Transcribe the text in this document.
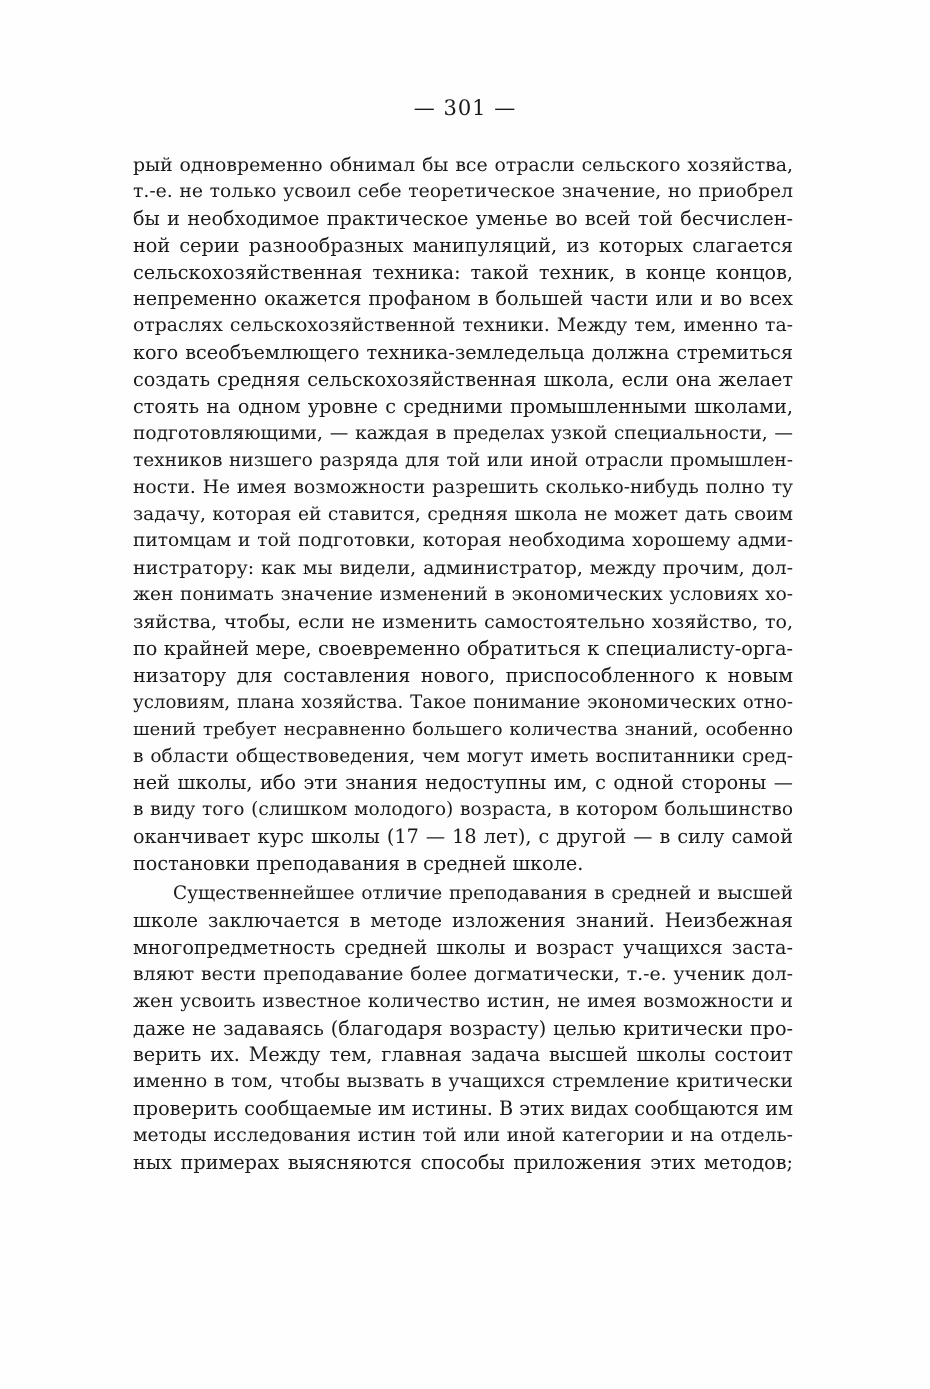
— 301 —
рый одновременно обнимал бы все отрасли сельского хозяйства,
т.-е. не только усвоил себе теоретическое значение, но приобрел
бы и необходимое практическое уменье во всей той бесчислен-
ной серии разнообразных манипуляций, из которых слагается
сельскохозяйственная техника: такой техник, в конце концов,
непременно окажется профаном в большей части или и во всех
отраслях сельскохозяйственной техники. Между тем, именно та-
кого всеобъемлющего техника-земледельца должна стремиться
создать средняя сельскохозяйственная школа, если она желает
стоять на одном уровне с средними промышленными школами,
подготовляющими, — каждая в пределах узкой специальности, —
техников низшего разряда для той или иной отрасли промышлен-
ности. Не имея возможности разрешить сколько-нибудь полно ту
задачу, которая ей ставится, средняя школа не может дать своим
питомцам и той подготовки, которая необходима хорошему адми-
нистратору: как мы видели, администратор, между прочим, дол-
жен понимать значение изменений в экономических условиях хо-
зяйства, чтобы, если не изменить самостоятельно хозяйство, то,
по крайней мере, своевременно обратиться к специалисту-орга-
низатору для составления нового, приспособленного к новым
условиям, плана хозяйства. Такое понимание экономических отно-
шений требует несравненно большего количества знаний, особенно
в области обществоведения, чем могут иметь воспитанники сред-
ней школы, ибо эти знания недоступны им, с одной стороны —
в виду того (слишком молодого) возраста, в котором большинство
оканчивает курс школы (17 — 18 лет), с другой — в силу самой
постановки преподавания в средней школе.
Существеннейшее отличие преподавания в средней и высшей
школе заключается в методе изложения знаний. Неизбежная
многопредметность средней школы и возраст учащихся заста-
вляют вести преподавание более догматически, т.-е. ученик дол-
жен усвоить известное количество истин, не имея возможности и
даже не задаваясь (благодаря возрасту) целью критически про-
верить их. Между тем, главная задача высшей школы состоит
именно в том, чтобы вызвать в учащихся стремление критически
проверить сообщаемые им истины. В этих видах сообщаются им
методы исследования истин той или иной категории и на отдель-
ных примерах выясняются способы приложения этих методов;
